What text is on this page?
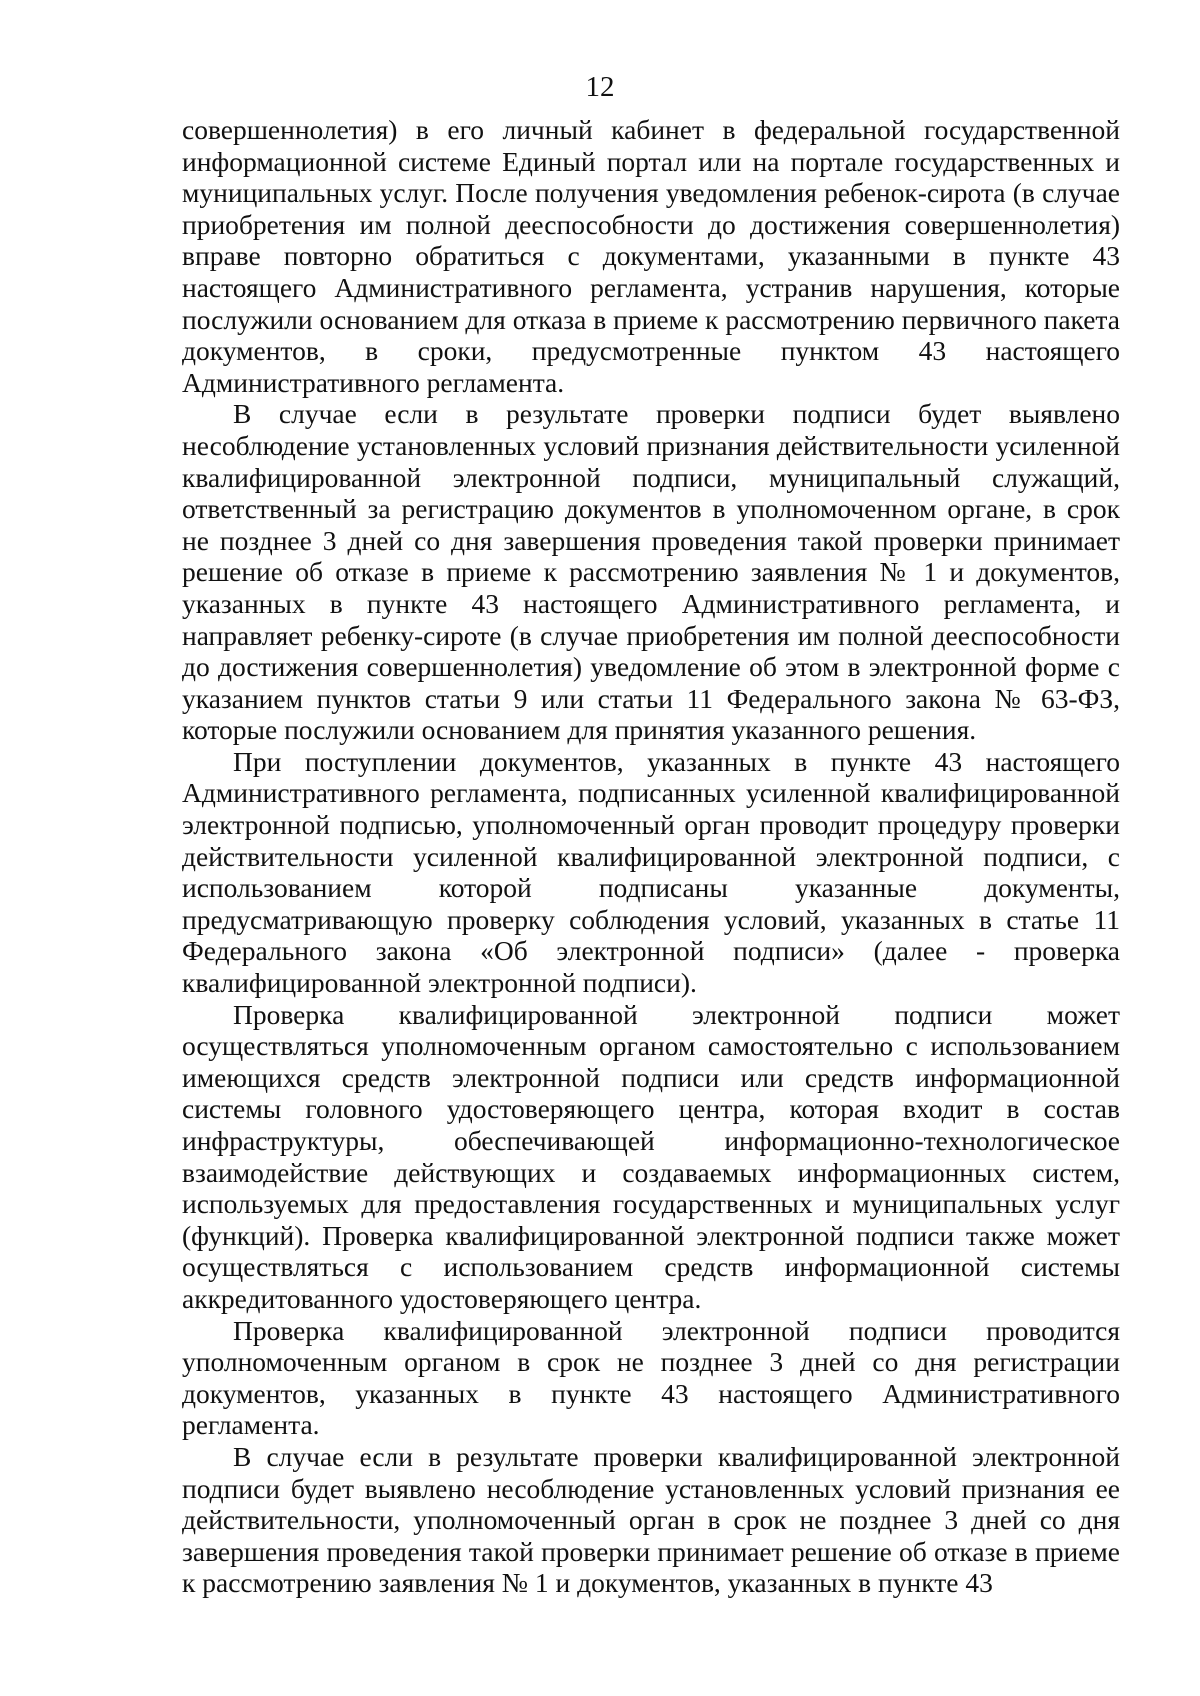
12

совершеннолетия) в его личный кабинет в федеральной государственной информационной системе Единый портал или на портале государственных и муниципальных услуг. После получения уведомления ребенок-сирота (в случае приобретения им полной дееспособности до достижения совершеннолетия) вправе повторно обратиться с документами, указанными в пункте 43 настоящего Административного регламента, устранив нарушения, которые послужили основанием для отказа в приеме к рассмотрению первичного пакета документов, в сроки, предусмотренные пунктом 43 настоящего Административного регламента.

В случае если в результате проверки подписи будет выявлено несоблюдение установленных условий признания действительности усиленной квалифицированной электронной подписи, муниципальный служащий, ответственный за регистрацию документов в уполномоченном органе, в срок не позднее 3 дней со дня завершения проведения такой проверки принимает решение об отказе в приеме к рассмотрению заявления № 1 и документов, указанных в пункте 43 настоящего Административного регламента, и направляет ребенку-сироте (в случае приобретения им полной дееспособности до достижения совершеннолетия) уведомление об этом в электронной форме с указанием пунктов статьи 9 или статьи 11 Федерального закона № 63-ФЗ, которые послужили основанием для принятия указанного решения.

При поступлении документов, указанных в пункте 43 настоящего Административного регламента, подписанных усиленной квалифицированной электронной подписью, уполномоченный орган проводит процедуру проверки действительности усиленной квалифицированной электронной подписи, с использованием которой подписаны указанные документы, предусматривающую проверку соблюдения условий, указанных в статье 11 Федерального закона «Об электронной подписи» (далее - проверка квалифицированной электронной подписи).

Проверка квалифицированной электронной подписи может осуществляться уполномоченным органом самостоятельно с использованием имеющихся средств электронной подписи или средств информационной системы головного удостоверяющего центра, которая входит в состав инфраструктуры, обеспечивающей информационно-технологическое взаимодействие действующих и создаваемых информационных систем, используемых для предоставления государственных и муниципальных услуг (функций). Проверка квалифицированной электронной подписи также может осуществляться с использованием средств информационной системы аккредитованного удостоверяющего центра.

Проверка квалифицированной электронной подписи проводится уполномоченным органом в срок не позднее 3 дней со дня регистрации документов, указанных в пункте 43 настоящего Административного регламента.

В случае если в результате проверки квалифицированной электронной подписи будет выявлено несоблюдение установленных условий признания ее действительности, уполномоченный орган в срок не позднее 3 дней со дня завершения проведения такой проверки принимает решение об отказе в приеме к рассмотрению заявления № 1 и документов, указанных в пункте 43
